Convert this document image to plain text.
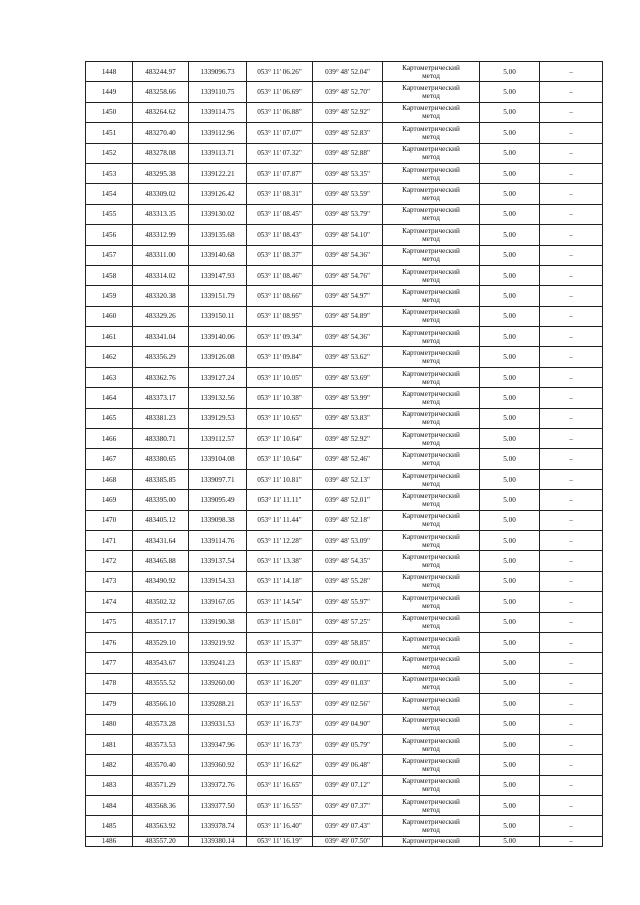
1448	483244.97	1339096.73	053° 11' 06.26"	039° 48' 52.04"	Картометрический
метод	5.00	–
1449	483258.66	1339110.75	053° 11' 06.69"	039° 48' 52.70"	Картометрический
метод	5.00	–
1450	483264.62	1339114.75	053° 11' 06.88"	039° 48' 52.92"	Картометрический
метод	5.00	–
1451	483270.40	1339112.96	053° 11' 07.07"	039° 48' 52.83"	Картометрический
метод	5.00	–
1452	483278.08	1339113.71	053° 11' 07.32"	039° 48' 52.88"	Картометрический
метод	5.00	–
1453	483295.38	1339122.21	053° 11' 07.87"	039° 48' 53.35"	Картометрический
метод	5.00	–
1454	483309.02	1339126.42	053° 11' 08.31"	039° 48' 53.59"	Картометрический
метод	5.00	–
1455	483313.35	1339130.02	053° 11' 08.45"	039° 48' 53.79"	Картометрический
метод	5.00	–
1456	483312.99	1339135.68	053° 11' 08.43"	039° 48' 54.10"	Картометрический
метод	5.00	–
1457	483311.00	1339140.68	053° 11' 08.37"	039° 48' 54.36"	Картометрический
метод	5.00	–
1458	483314.02	1339147.93	053° 11' 08.46"	039° 48' 54.76"	Картометрический
метод	5.00	–
1459	483320.38	1339151.79	053° 11' 08.66"	039° 48' 54.97"	Картометрический
метод	5.00	–
1460	483329.26	1339150.11	053° 11' 08.95"	039° 48' 54.89"	Картометрический
метод	5.00	–
1461	483341.04	1339140.06	053° 11' 09.34"	039° 48' 54.36"	Картометрический
метод	5.00	–
1462	483356.29	1339126.08	053° 11' 09.84"	039° 48' 53.62"	Картометрический
метод	5.00	–
1463	483362.76	1339127.24	053° 11' 10.05"	039° 48' 53.69"	Картометрический
метод	5.00	–
1464	483373.17	1339132.56	053° 11' 10.38"	039° 48' 53.99"	Картометрический
метод	5.00	–
1465	483381.23	1339129.53	053° 11' 10.65"	039° 48' 53.83"	Картометрический
метод	5.00	–
1466	483380.71	1339112.57	053° 11' 10.64"	039° 48' 52.92"	Картометрический
метод	5.00	–
1467	483380.65	1339104.08	053° 11' 10.64"	039° 48' 52.46"	Картометрический
метод	5.00	–
1468	483385.85	1339097.71	053° 11' 10.81"	039° 48' 52.13"	Картометрический
метод	5.00	–
1469	483395.00	1339095.49	053° 11' 11.11"	039° 48' 52.01"	Картометрический
метод	5.00	–
1470	483405.12	1339098.38	053° 11' 11.44"	039° 48' 52.18"	Картометрический
метод	5.00	–
1471	483431.64	1339114.76	053° 11' 12.28"	039° 48' 53.09"	Картометрический
метод	5.00	–
1472	483465.88	1339137.54	053° 11' 13.38"	039° 48' 54.35"	Картометрический
метод	5.00	–
1473	483490.92	1339154.33	053° 11' 14.18"	039° 48' 55.28"	Картометрический
метод	5.00	–
1474	483502.32	1339167.05	053° 11' 14.54"	039° 48' 55.97"	Картометрический
метод	5.00	–
1475	483517.17	1339190.38	053° 11' 15.01"	039° 48' 57.25"	Картометрический
метод	5.00	–
1476	483529.10	1339219.92	053° 11' 15.37"	039° 48' 58.85"	Картометрический
метод	5.00	–
1477	483543.67	1339241.23	053° 11' 15.83"	039° 49' 00.01"	Картометрический
метод	5.00	–
1478	483555.52	1339260.00	053° 11' 16.20"	039° 49' 01.03"	Картометрический
метод	5.00	–
1479	483566.10	1339288.21	053° 11' 16.53"	039° 49' 02.56"	Картометрический
метод	5.00	–
1480	483573.28	1339331.53	053° 11' 16.73"	039° 49' 04.90"	Картометрический
метод	5.00	–
1481	483573.53	1339347.96	053° 11' 16.73"	039° 49' 05.79"	Картометрический
метод	5.00	–
1482	483570.40	1339360.92	053° 11' 16.62"	039° 49' 06.48"	Картометрический
метод	5.00	–
1483	483571.29	1339372.76	053° 11' 16.65"	039° 49' 07.12"	Картометрический
метод	5.00	–
1484	483568.36	1339377.50	053° 11' 16.55"	039° 49' 07.37"	Картометрический
метод	5.00	–
1485	483563.92	1339378.74	053° 11' 16.40"	039° 49' 07.43"	Картометрический
метод	5.00	–
1486	483557.20	1339380.14	053° 11' 16.19"	039° 49' 07.50"	Картометрический	5.00	–
